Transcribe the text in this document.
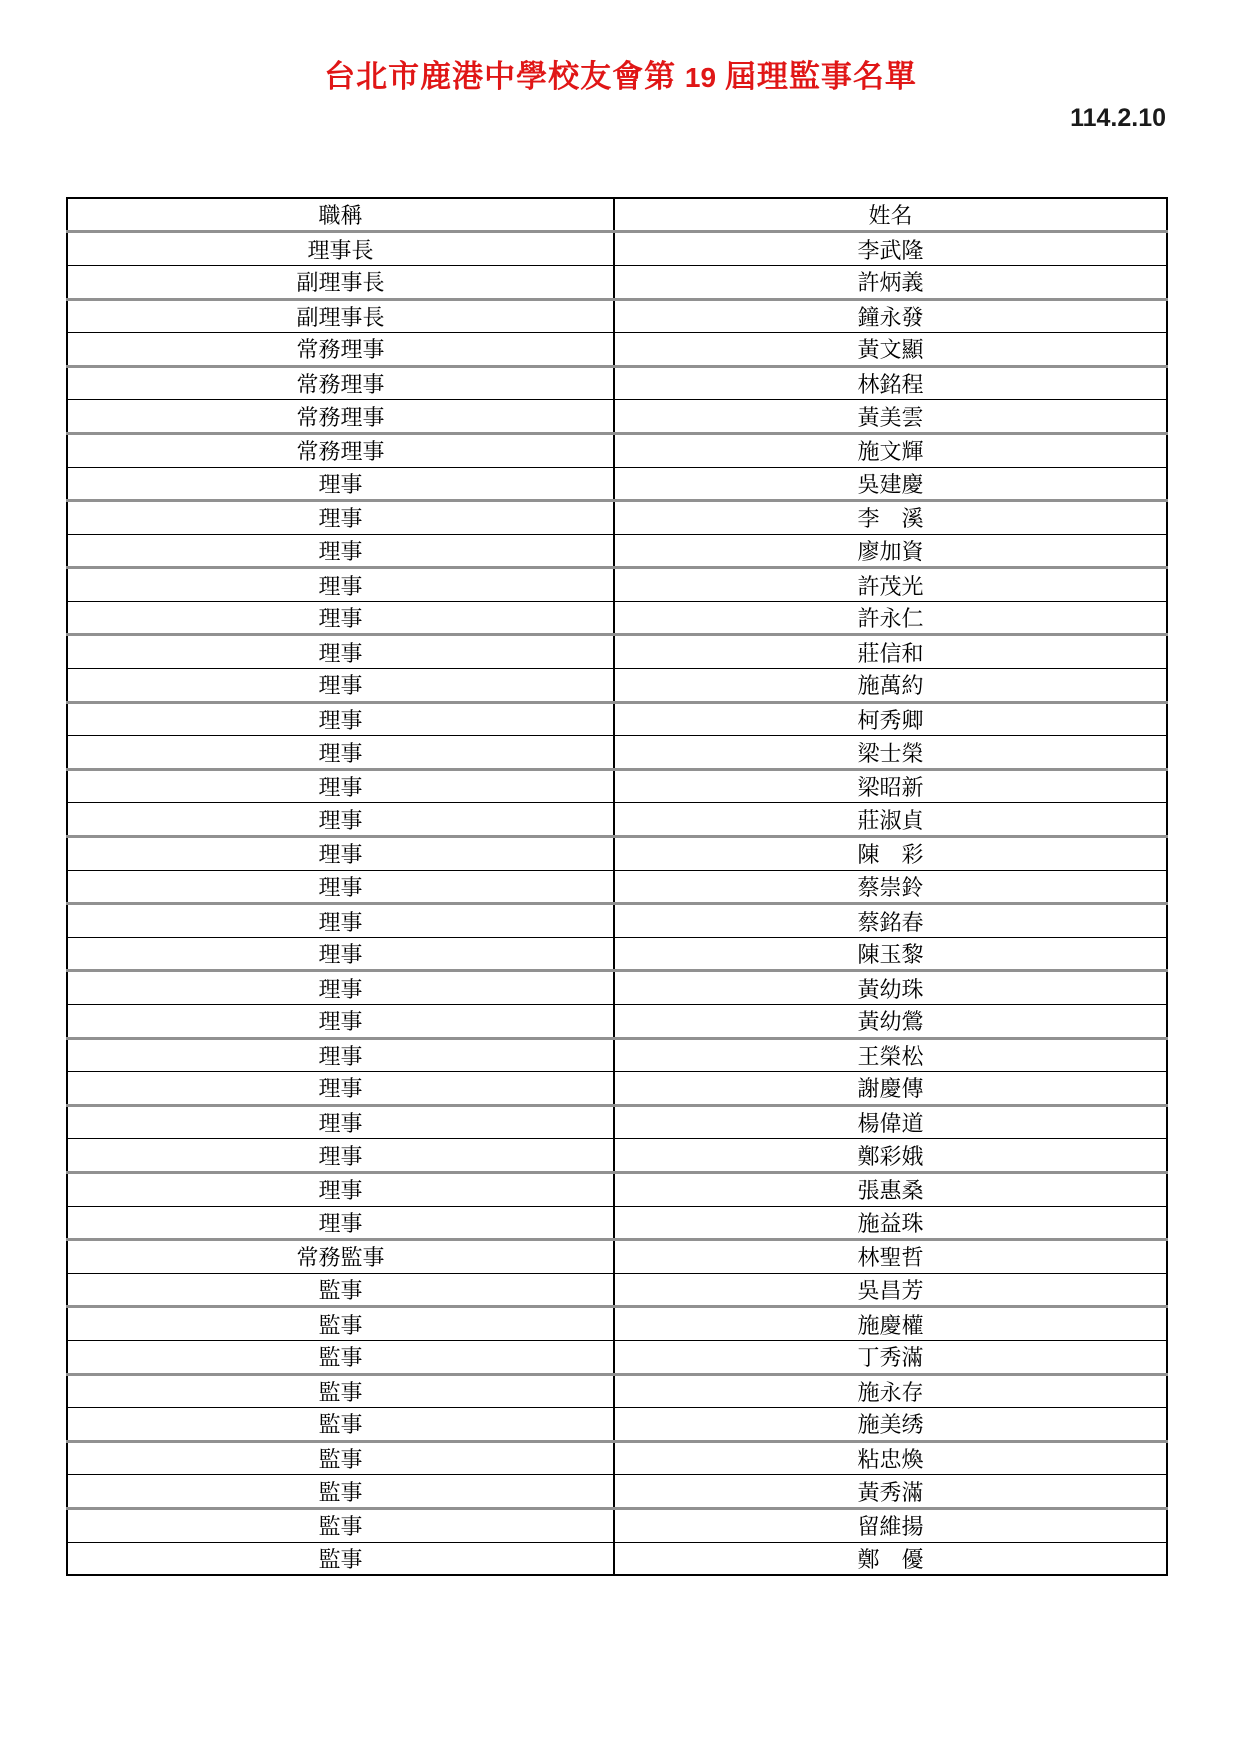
台北市鹿港中學校友會第 19 屆理監事名單
114.2.10
職稱	姓名
理事長	李武隆
副理事長	許炳義
副理事長	鐘永發
常務理事	黃文顯
常務理事	林銘程
常務理事	黃美雲
常務理事	施文輝
理事	吳建慶
理事	李　溪
理事	廖加資
理事	許茂光
理事	許永仁
理事	莊信和
理事	施萬約
理事	柯秀卿
理事	梁士榮
理事	梁昭新
理事	莊淑貞
理事	陳　彩
理事	蔡崇鈴
理事	蔡銘春
理事	陳玉黎
理事	黃幼珠
理事	黃幼鶯
理事	王榮松
理事	謝慶傳
理事	楊偉道
理事	鄭彩娥
理事	張惠桑
理事	施益珠
常務監事	林聖哲
監事	吳昌芳
監事	施慶權
監事	丁秀滿
監事	施永存
監事	施美绣
監事	粘忠煥
監事	黃秀滿
監事	留維揚
監事	鄭　優
